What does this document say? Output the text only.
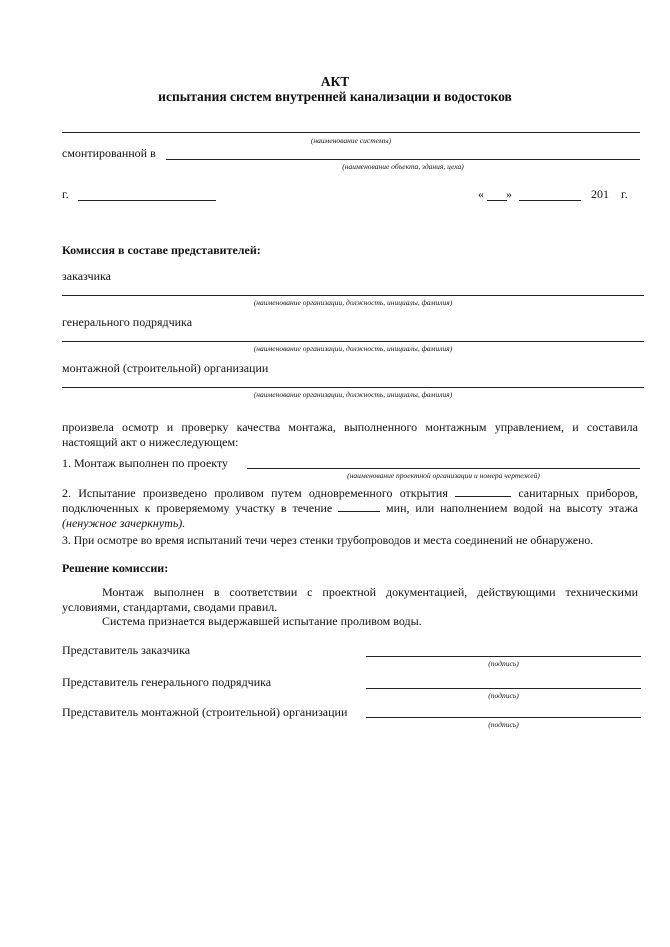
АКТ
испытания систем внутренней канализации и водостоков
(наименование системы)
смонтированной в
(наименование объекта, здания, цеха)
г.	« »	201 г.
Комиссия в составе представителей:
заказчика
(наименование организации, должность, инициалы, фамилия)
генерального подрядчика
(наименование организации, должность, инициалы, фамилия)
монтажной (строительной) организации
(наименование организации, должность, инициалы, фамилия)
произвела осмотр и проверку качества монтажа, выполненного монтажным управлением, и составила настоящий акт о нижеследующем:
1. Монтаж выполнен по проекту
(наименование проектной организации и номера чертежей)
2. Испытание произведено проливом путем одновременного открытия	санитарных приборов, подключенных к проверяемому участку в течение	мин, или наполнением водой на высоту этажа (ненужное зачеркнуть).
3. При осмотре во время испытаний течи через стенки трубопроводов и места соединений не обнаружено.
Решение комиссии:
Монтаж выполнен в соответствии с проектной документацией, действующими техническими условиями, стандартами, сводами правил.
Система признается выдержавшей испытание проливом воды.
Представитель заказчика
(подпись)
Представитель генерального подрядчика
(подпись)
Представитель монтажной (строительной) организации
(подпись)
